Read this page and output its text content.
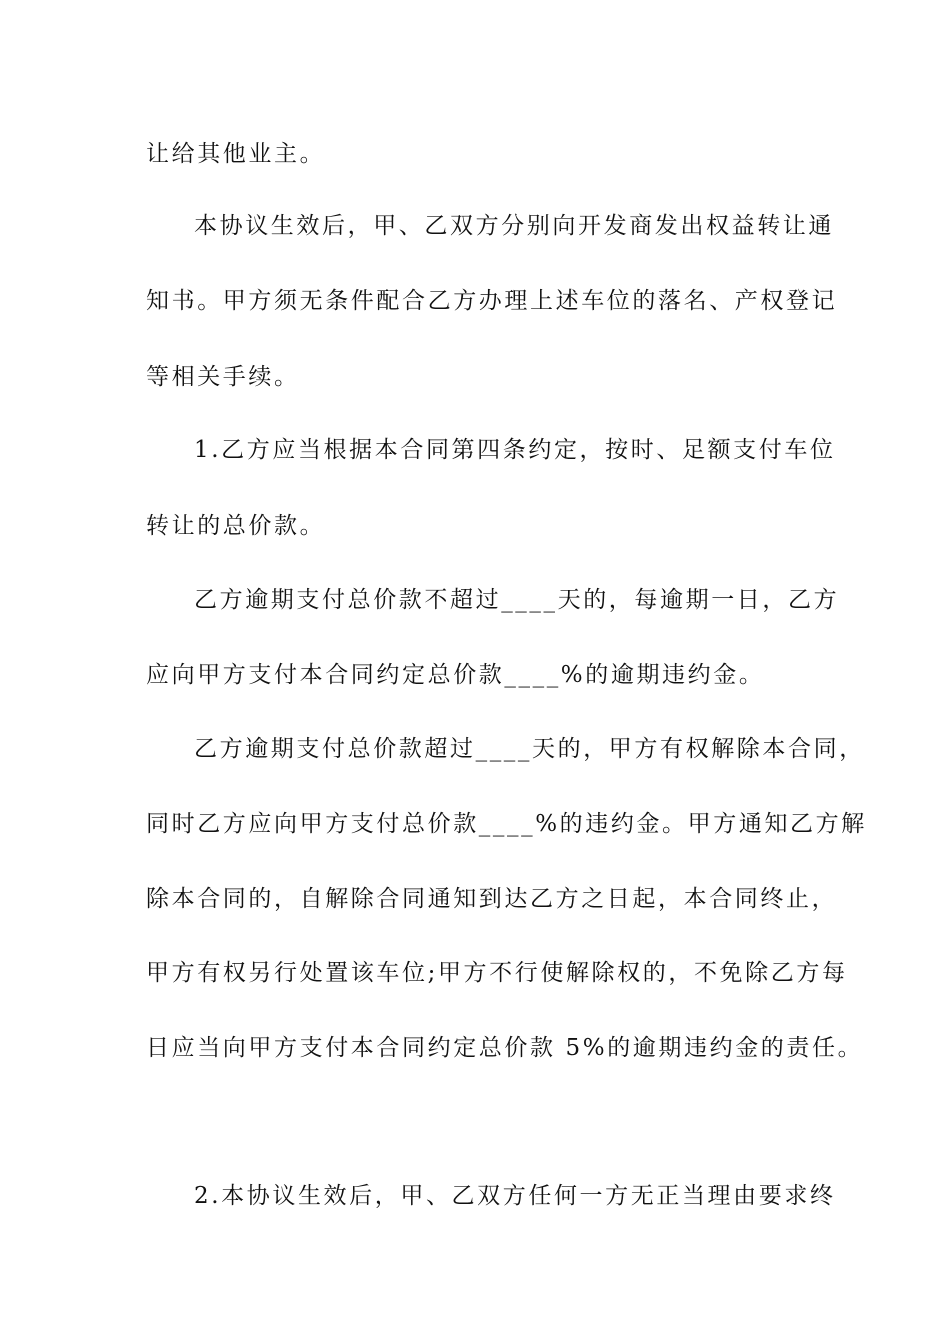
让给其他业主。
本协议生效后，甲、乙双方分别向开发商发出权益转让通
知书。甲方须无条件配合乙方办理上述车位的落名、产权登记
等相关手续。
1.乙方应当根据本合同第四条约定，按时、足额支付车位
转让的总价款。
乙方逾期支付总价款不超过____天的，每逾期一日，乙方
应向甲方支付本合同约定总价款____%的逾期违约金。
乙方逾期支付总价款超过____天的，甲方有权解除本合同，
同时乙方应向甲方支付总价款____%的违约金。甲方通知乙方解
除本合同的，自解除合同通知到达乙方之日起，本合同终止，
甲方有权另行处置该车位;甲方不行使解除权的，不免除乙方每
日应当向甲方支付本合同约定总价款 5%的逾期违约金的责任。
2.本协议生效后，甲、乙双方任何一方无正当理由要求终
